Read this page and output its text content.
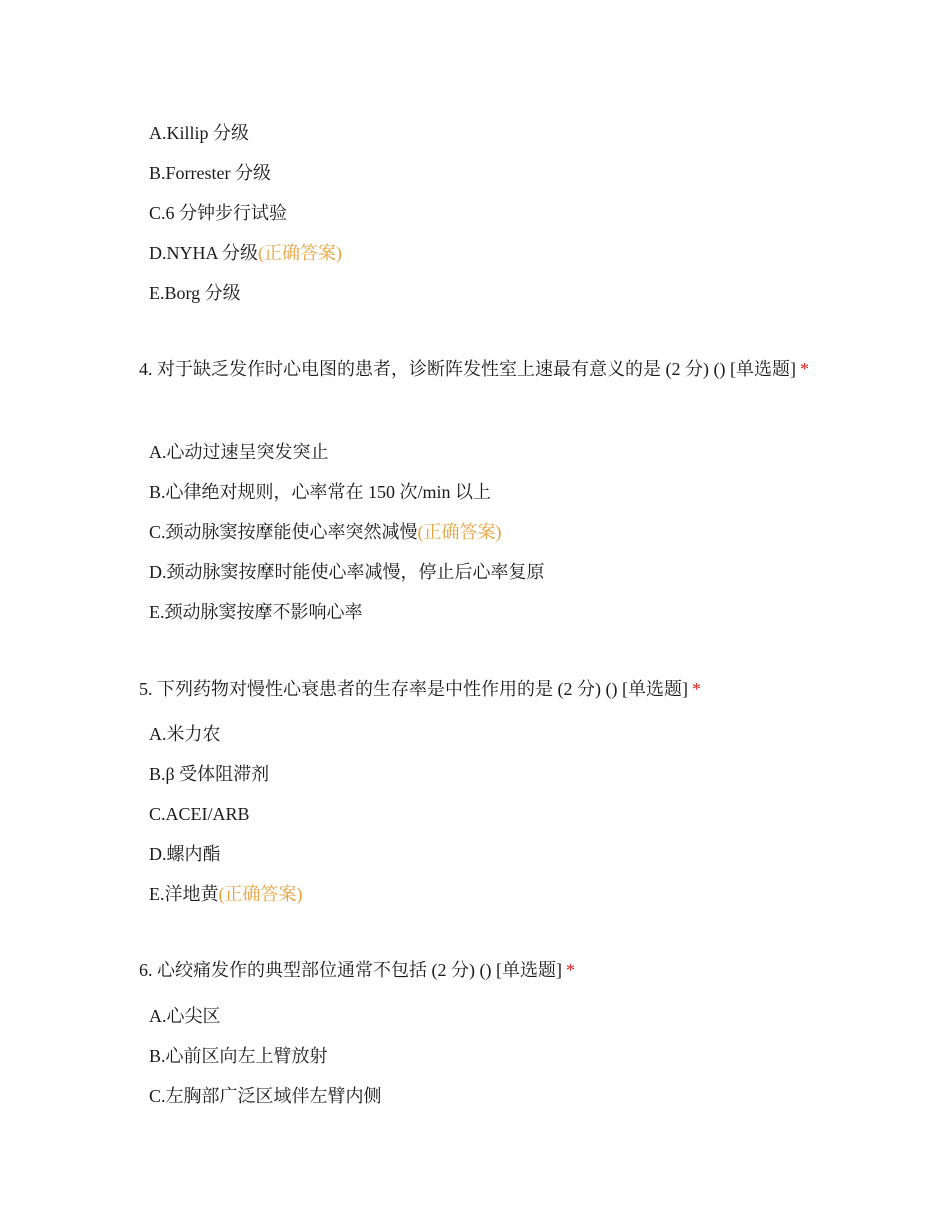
A.Killip 分级
B.Forrester 分级
C.6 分钟步行试验
D.NYHA 分级(正确答案)
E.Borg 分级
4. 对于缺乏发作时心电图的患者，诊断阵发性室上速最有意义的是 (2 分) () [单选题] *
A.心动过速呈突发突止
B.心律绝对规则，心率常在 150 次/min 以上
C.颈动脉窦按摩能使心率突然减慢(正确答案)
D.颈动脉窦按摩时能使心率减慢，停止后心率复原
E.颈动脉窦按摩不影响心率
5. 下列药物对慢性心衰患者的生存率是中性作用的是 (2 分) () [单选题] *
A.米力农
B.β 受体阻滞剂
C.ACEI/ARB
D.螺内酯
E.洋地黄(正确答案)
6. 心绞痛发作的典型部位通常不包括 (2 分) () [单选题] *
A.心尖区
B.心前区向左上臂放射
C.左胸部广泛区域伴左臂内侧
